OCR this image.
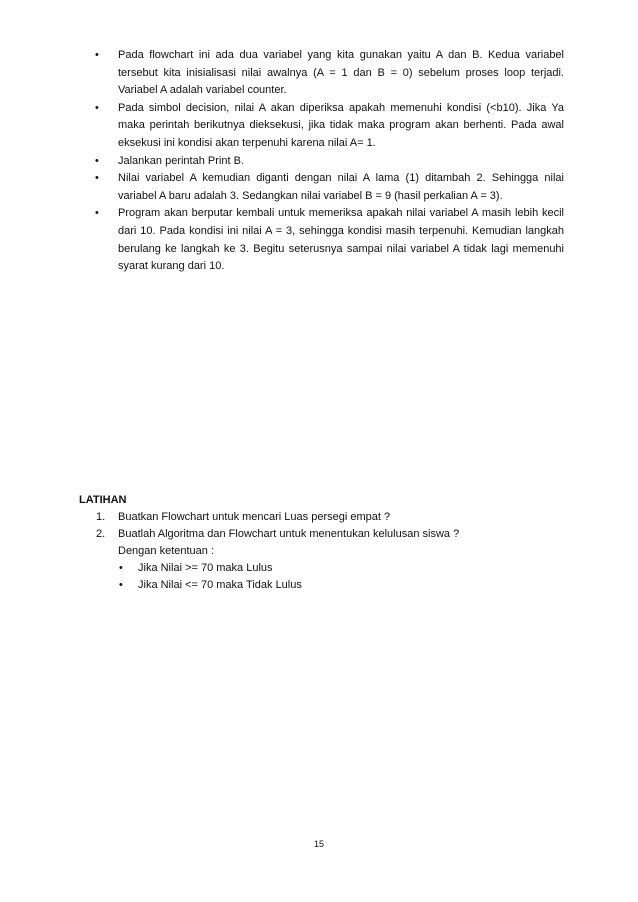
• Pada flowchart ini ada dua variabel yang kita gunakan yaitu A dan B. Kedua variabel tersebut kita inisialisasi nilai awalnya (A = 1 dan B = 0) sebelum proses loop terjadi. Variabel A adalah variabel counter.
• Pada simbol decision, nilai A akan diperiksa apakah memenuhi kondisi (<b10). Jika Ya maka perintah berikutnya dieksekusi, jika tidak maka program akan berhenti. Pada awal eksekusi ini kondisi akan terpenuhi karena nilai A= 1.
• Jalankan perintah Print B.
• Nilai variabel A kemudian diganti dengan nilai A lama (1) ditambah 2. Sehingga nilai variabel A baru adalah 3. Sedangkan nilai variabel B = 9 (hasil perkalian A = 3).
• Program akan berputar kembali untuk memeriksa apakah nilai variabel A masih lebih kecil dari 10. Pada kondisi ini nilai A = 3, sehingga kondisi masih terpenuhi. Kemudian langkah berulang ke langkah ke 3. Begitu seterusnya sampai nilai variabel A tidak lagi memenuhi syarat kurang dari 10.
LATIHAN
1. Buatkan Flowchart untuk mencari Luas persegi empat ?
2. Buatlah Algoritma dan Flowchart untuk menentukan kelulusan siswa ?
Dengan ketentuan :
• Jika Nilai >= 70 maka Lulus
• Jika Nilai <= 70 maka Tidak Lulus
15
